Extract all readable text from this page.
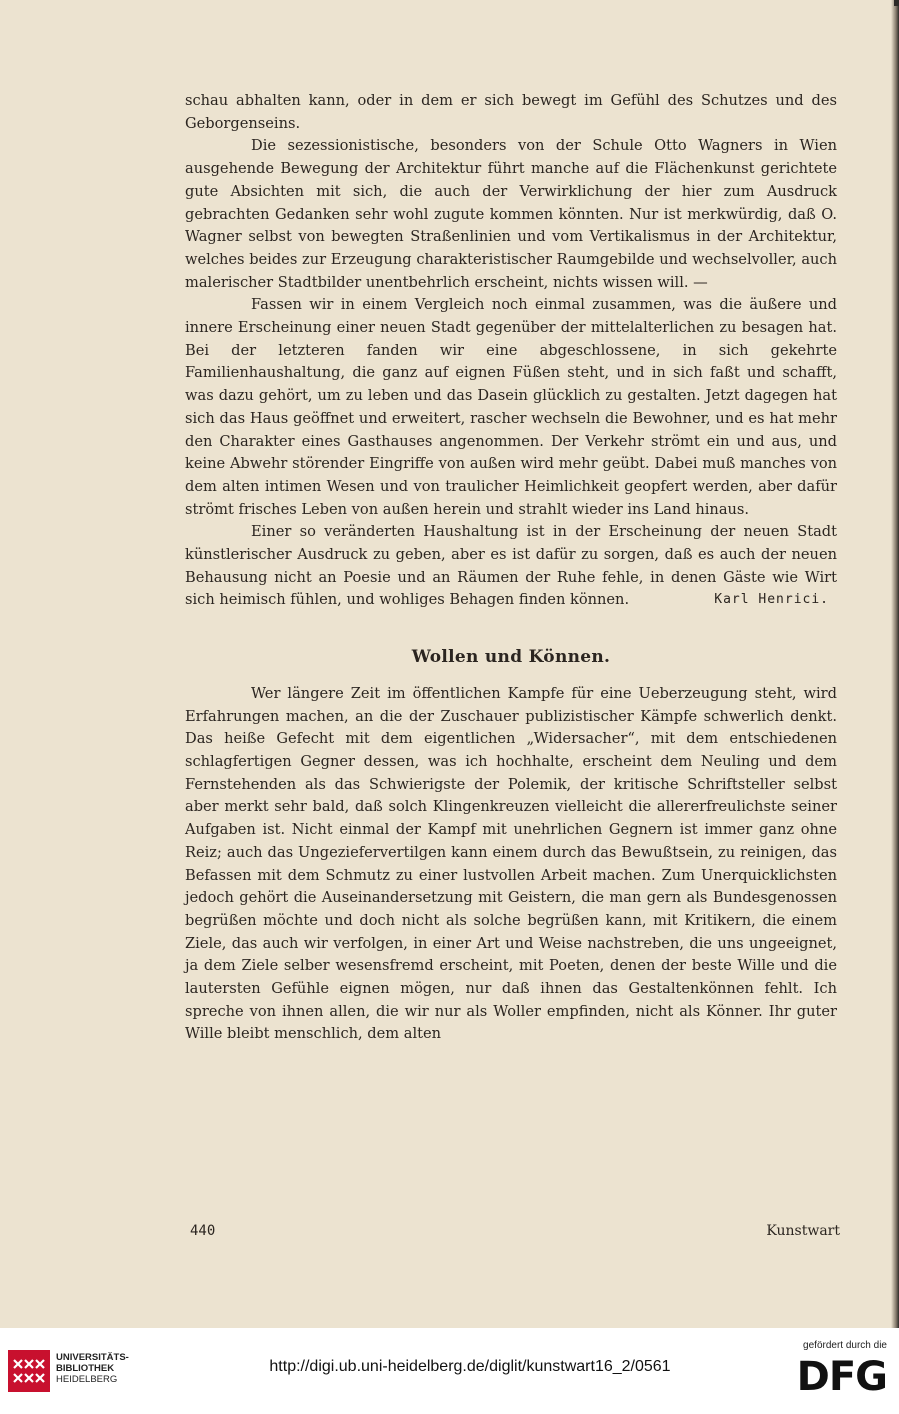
schau abhalten kann, oder in dem er sich bewegt im Gefühl des Schutzes und des Geborgenseins.

Die sezessionistische, besonders von der Schule Otto Wagners in Wien ausgehende Bewegung der Architektur führt manche auf die Flächenkunst gerichtete gute Absichten mit sich, die auch der Verwirklichung der hier zum Ausdruck gebrachten Gedanken sehr wohl zugute kommen könnten. Nur ist merkwürdig, daß O. Wagner selbst von bewegten Straßenlinien und vom Vertikalismus in der Architektur, welches beides zur Erzeugung charakteristischer Raumgebilde und wechselvoller, auch malerischer Stadtbilder unentbehrlich erscheint, nichts wissen will. —

Fassen wir in einem Vergleich noch einmal zusammen, was die äußere und innere Erscheinung einer neuen Stadt gegenüber der mittelalterlichen zu besagen hat. Bei der letzteren fanden wir eine abgeschlossene, in sich gekehrte Familienhaushaltung, die ganz auf eignen Füßen steht, und in sich faßt und schafft, was dazu gehört, um zu leben und das Dasein glücklich zu gestalten. Jetzt dagegen hat sich das Haus geöffnet und erweitert, rascher wechseln die Bewohner, und es hat mehr den Charakter eines Gasthauses angenommen. Der Verkehr strömt ein und aus, und keine Abwehr störender Eingriffe von außen wird mehr geübt. Dabei muß manches von dem alten intimen Wesen und von traulicher Heimlichkeit geopfert werden, aber dafür strömt frisches Leben von außen herein und strahlt wieder ins Land hinaus.

Einer so veränderten Haushaltung ist in der Erscheinung der neuen Stadt künstlerischer Ausdruck zu geben, aber es ist dafür zu sorgen, daß es auch der neuen Behausung nicht an Poesie und an Räumen der Ruhe fehle, in denen Gäste wie Wirt sich heimisch fühlen, und wohliges Behagen finden können.	Karl Henrici.

Wollen und Können.

Wer längere Zeit im öffentlichen Kampfe für eine Ueberzeugung steht, wird Erfahrungen machen, an die der Zuschauer publizistischer Kämpfe schwerlich denkt. Das heiße Gefecht mit dem eigentlichen „Widersacher“, mit dem entschiedenen schlagfertigen Gegner dessen, was ich hochhalte, erscheint dem Neuling und dem Fernstehenden als das Schwierigste der Polemik, der kritische Schriftsteller selbst aber merkt sehr bald, daß solch Klingenkreuzen vielleicht die allererfreulichste seiner Aufgaben ist. Nicht einmal der Kampf mit unehrlichen Gegnern ist immer ganz ohne Reiz; auch das Ungeziefervertilgen kann einem durch das Bewußtsein, zu reinigen, das Befassen mit dem Schmutz zu einer lustvollen Arbeit machen. Zum Unerquicklichsten jedoch gehört die Auseinandersetzung mit Geistern, die man gern als Bundesgenossen begrüßen möchte und doch nicht als solche begrüßen kann, mit Kritikern, die einem Ziele, das auch wir verfolgen, in einer Art und Weise nachstreben, die uns ungeeignet, ja dem Ziele selber wesensfremd erscheint, mit Poeten, denen der beste Wille und die lautersten Gefühle eignen mögen, nur daß ihnen das Gestaltenkönnen fehlt. Ich spreche von ihnen allen, die wir nur als Woller empfinden, nicht als Könner. Ihr guter Wille bleibt menschlich, dem alten

440	Kunstwart
UNIVERSITÄTS-
BIBLIOTHEK
HEIDELBERG
http://digi.ub.uni-heidelberg.de/diglit/kunstwart16_2/0561
gefördert durch die
DFG
